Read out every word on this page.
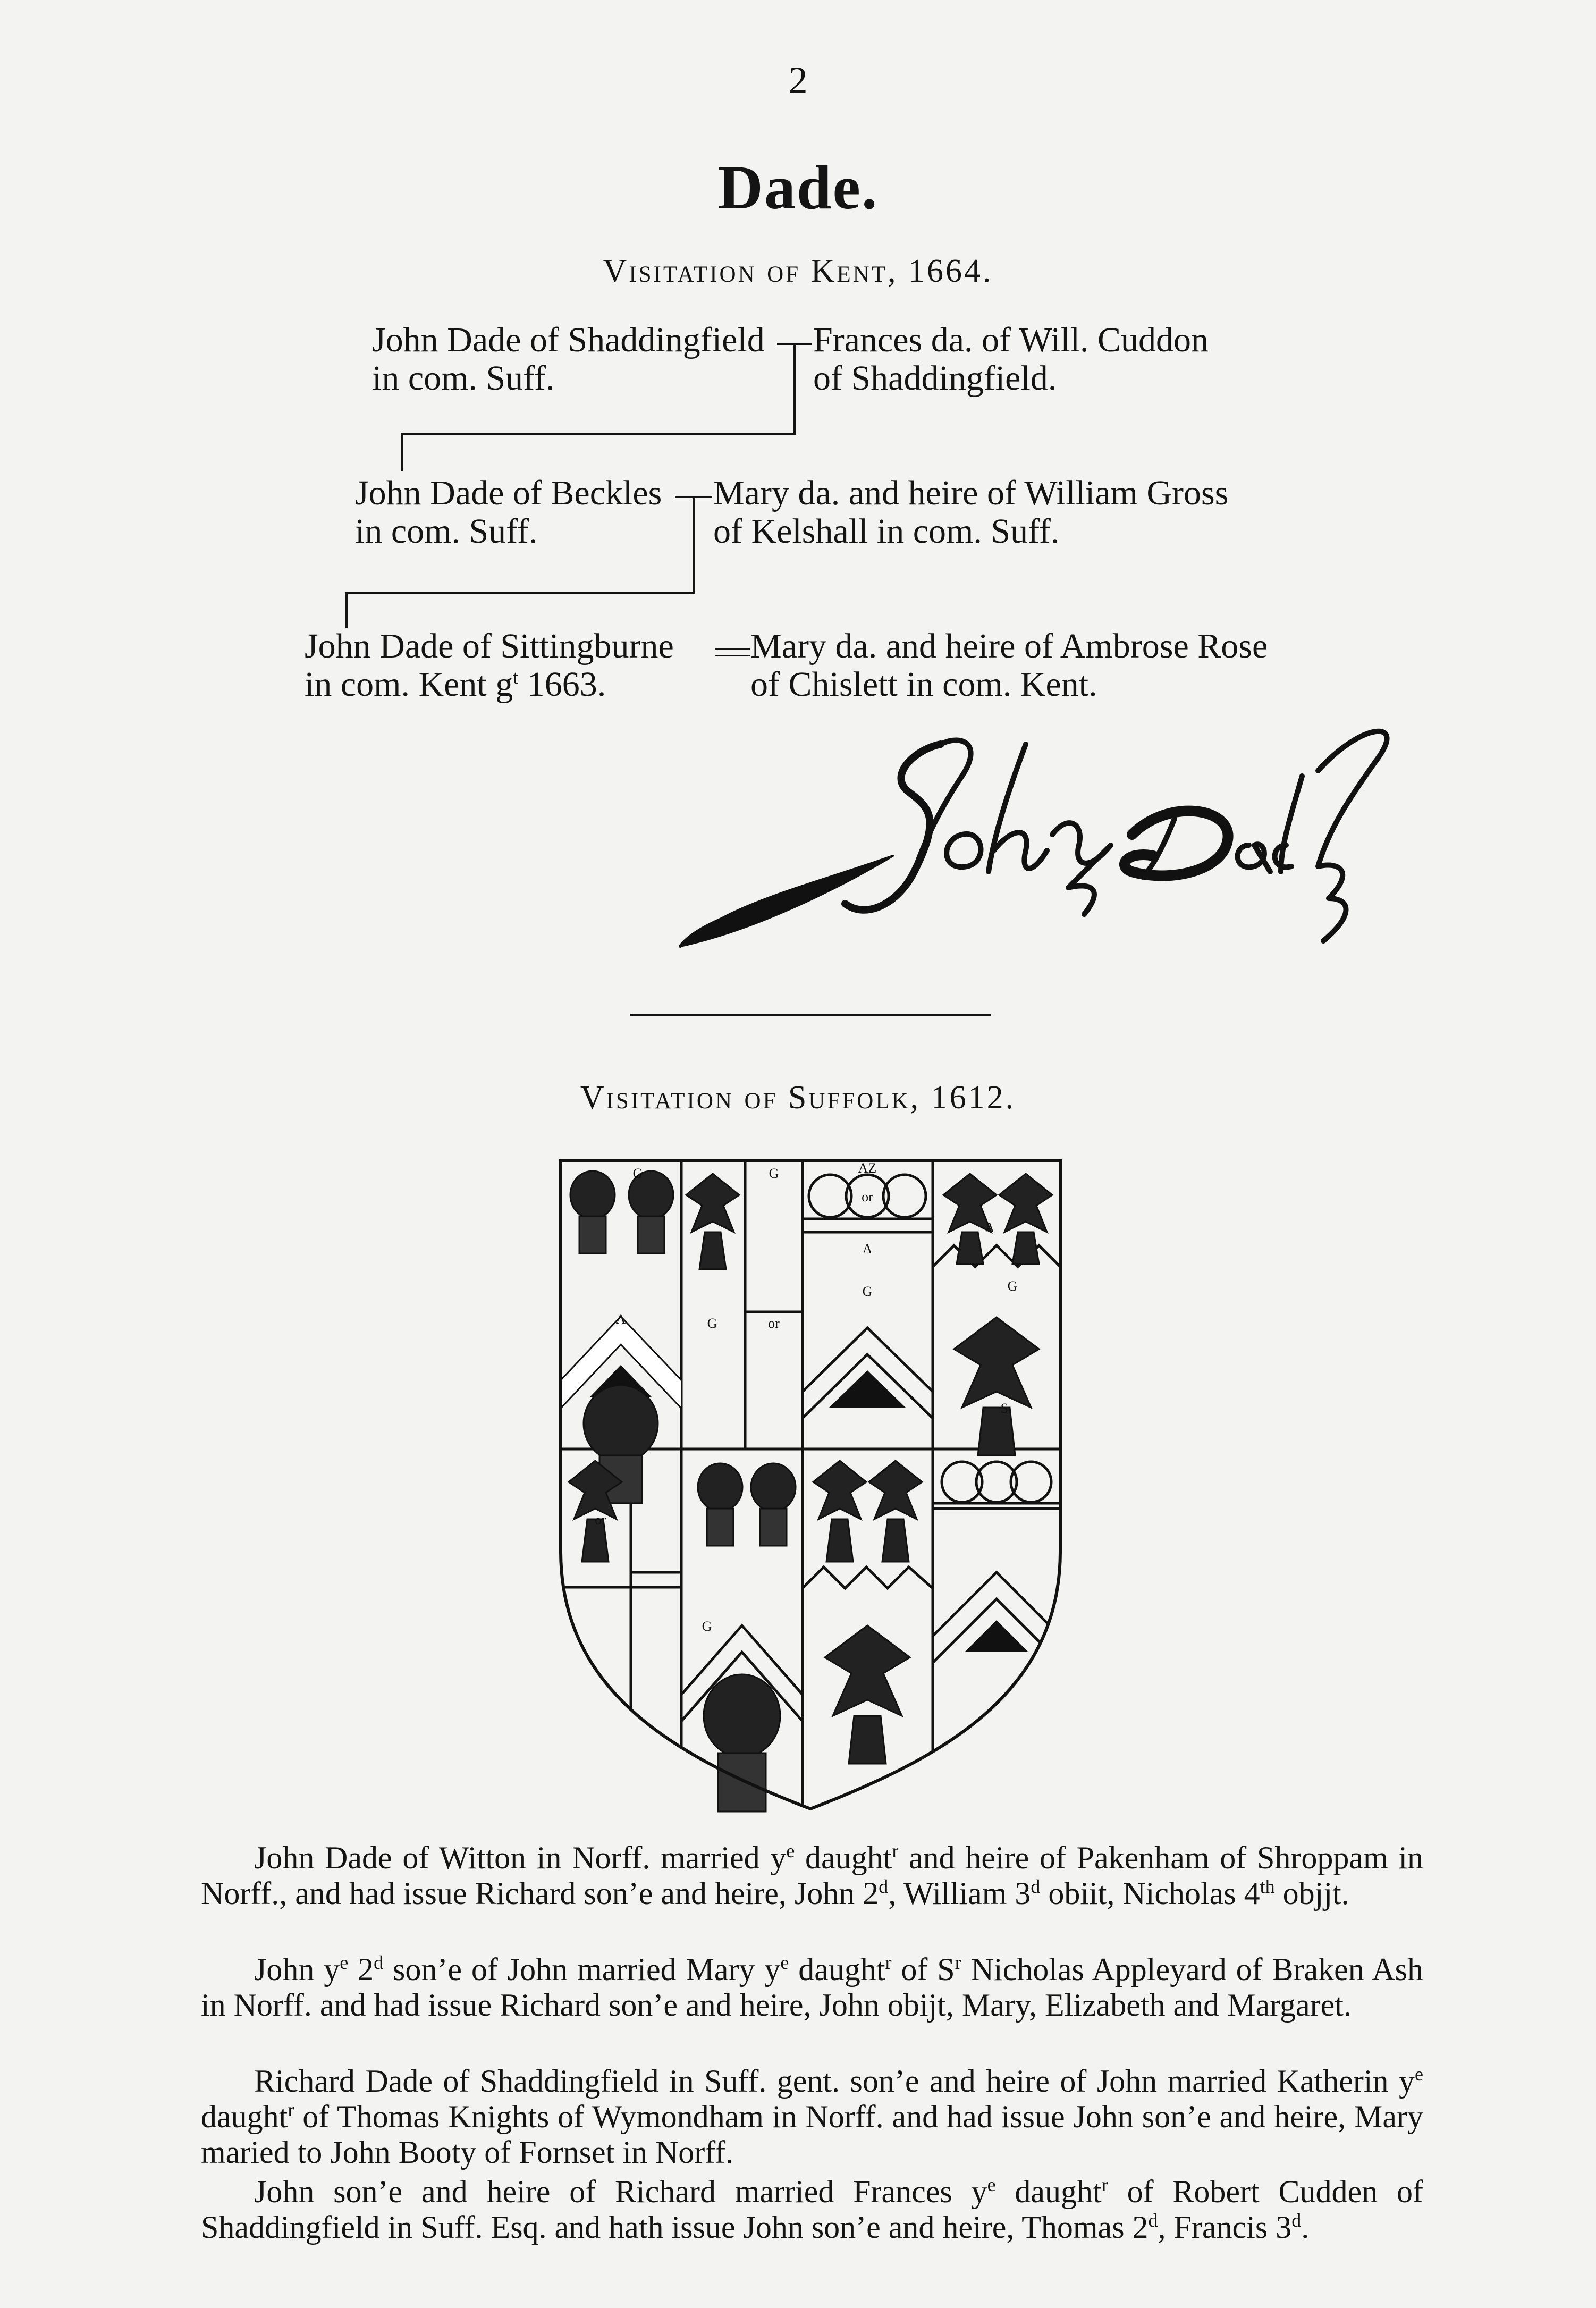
2
Dade.
Visitation of Kent, 1664.
John Dade of Shaddingfield
in com. Suff.
Frances da. of Will. Cuddon
of Shaddingfield.
John Dade of Beckles
in com. Suff.
Mary da. and heire of William Gross
of Kelshall in com. Suff.
John Dade of Sittingburne
in com. Kent $g^t$ 1663.
Mary da. and heire of Ambrose Rose
of Chislett in com. Kent.
Visitation of Suffolk, 1612.
G	G	AZ
or
A
A
G
A
G
G	or
or
G
S
John Dade of Witton in Norff. married $y^e$ daught$^r$ and heire of Pakenham of Shroppam in Norff., and had issue Richard son’e and heire, John 2$^d$, William 3$^d$ obiit, Nicholas 4th objjt.
John $y^e$ 2$^d$ son’e of John married Mary $y^e$ daught$^r$ of $S^r$ Nicholas Appleyard of Braken Ash in Norff. and had issue Richard son’e and heire, John obijt, Mary, Elizabeth and Margaret.
Richard Dade of Shaddingfield in Suff. gent. son’e and heire of John married Katherin $y^e$ daught$^r$ of Thomas Knights of Wymondham in Norff. and had issue John son’e and heire, Mary maried to John Booty of Fornset in Norff.
John son’e and heire of Richard married Frances $y^e$ daught$^r$ of Robert Cudden of Shaddingfield in Suff. Esq. and hath issue John son’e and heire, Thomas 2$^d$, Francis 3$^d$.
